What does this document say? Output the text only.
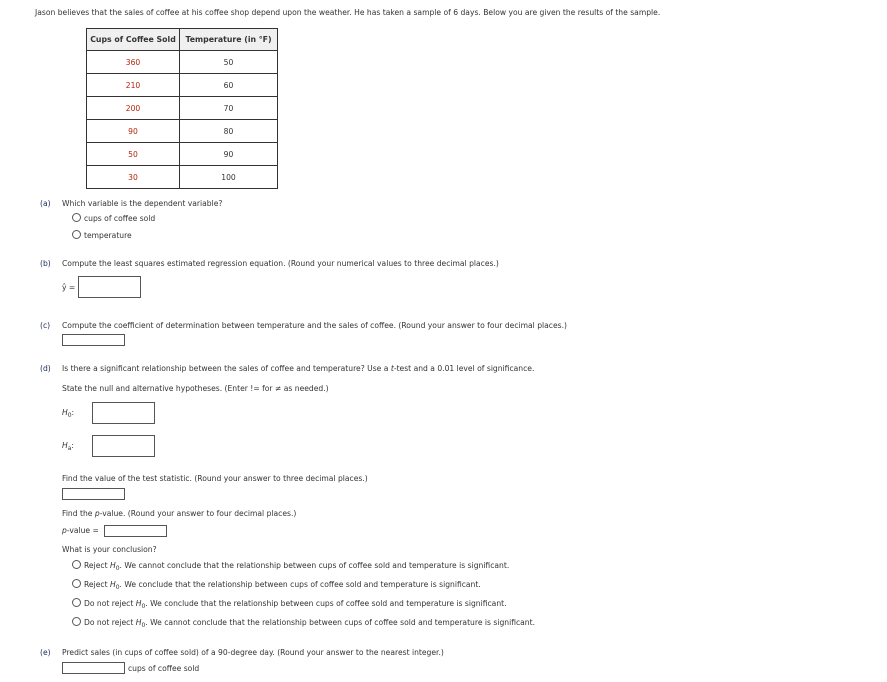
Jason believes that the sales of coffee at his coffee shop depend upon the weather. He has taken a sample of 6 days. Below you are given the results of the sample.
Cups of Coffee Sold	Temperature (in °F)
360	50
210	60
200	70
90	80
50	90
30	100
(a) Which variable is the dependent variable?
cups of coffee sold
temperature
(b) Compute the least squares estimated regression equation. (Round your numerical values to three decimal places.)
ŷ =
(c) Compute the coefficient of determination between temperature and the sales of coffee. (Round your answer to four decimal places.)
(d) Is there a significant relationship between the sales of coffee and temperature? Use a t-test and a 0.01 level of significance.
State the null and alternative hypotheses. (Enter != for ≠ as needed.)
$H_0$:
$H_a$:
Find the value of the test statistic. (Round your answer to three decimal places.)
Find the p-value. (Round your answer to four decimal places.)
p-value =
What is your conclusion?
Reject $H_0$. We cannot conclude that the relationship between cups of coffee sold and temperature is significant.
Reject $H_0$. We conclude that the relationship between cups of coffee sold and temperature is significant.
Do not reject $H_0$. We conclude that the relationship between cups of coffee sold and temperature is significant.
Do not reject $H_0$. We cannot conclude that the relationship between cups of coffee sold and temperature is significant.
(e) Predict sales (in cups of coffee sold) of a 90-degree day. (Round your answer to the nearest integer.)
cups of coffee sold
